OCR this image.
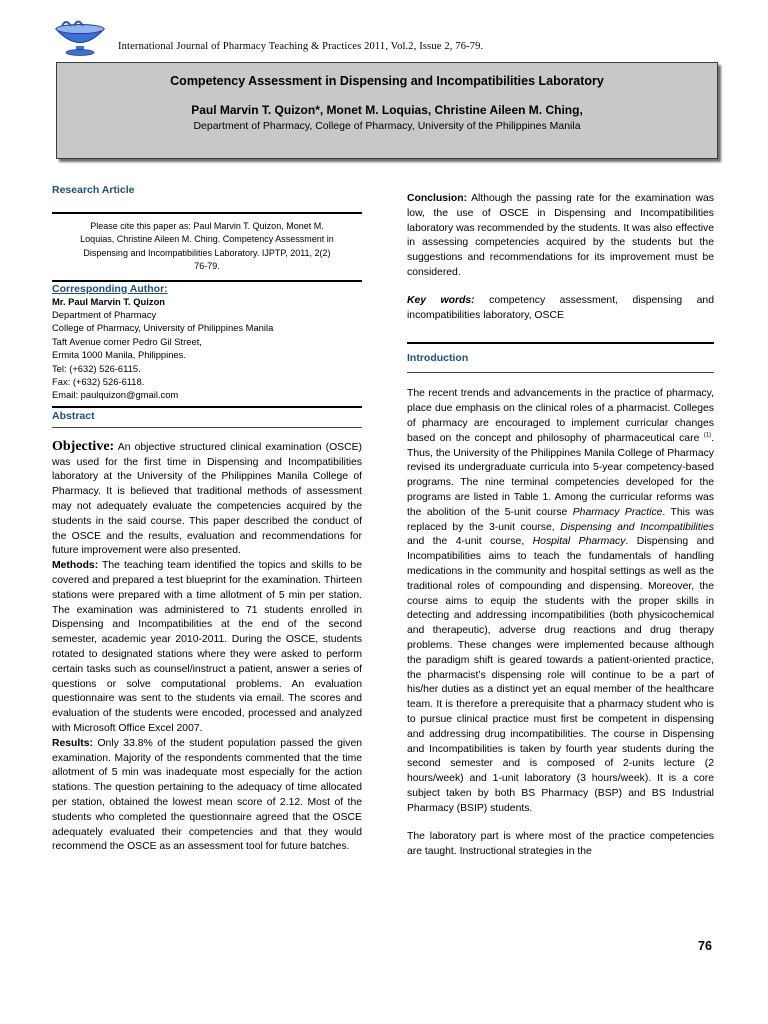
International Journal of Pharmacy Teaching & Practices 2011, Vol.2, Issue 2, 76-79.
Competency Assessment in Dispensing and Incompatibilities Laboratory
Paul Marvin T. Quizon*, Monet M. Loquias, Christine Aileen M. Ching,
Department of Pharmacy, College of Pharmacy, University of the Philippines Manila
Research Article
Please cite this paper as: Paul Marvin T. Quizon, Monet M.
Loquias, Christine Aileen M. Ching. Competency Assessment in
Dispensing and Incompatibilities Laboratory. IJPTP, 2011, 2(2)
76-79.
Corresponding Author:
Mr. Paul Marvin T. Quizon
Department of Pharmacy
College of Pharmacy, University of Philippines Manila
Taft Avenue corner Pedro Gil Street,
Ermita 1000 Manila, Philippines.
Tel: (+632) 526-6115.
Fax: (+632) 526-6118.
Email: paulquizon@gmail.com
Abstract
Objective: An objective structured clinical examination (OSCE) was used for the first time in Dispensing and Incompatibilities laboratory at the University of the Philippines Manila College of Pharmacy. It is believed that traditional methods of assessment may not adequately evaluate the competencies acquired by the students in the said course. This paper described the conduct of the OSCE and the results, evaluation and recommendations for future improvement were also presented.
Methods: The teaching team identified the topics and skills to be covered and prepared a test blueprint for the examination. Thirteen stations were prepared with a time allotment of 5 min per station. The examination was administered to 71 students enrolled in Dispensing and Incompatibilities at the end of the second semester, academic year 2010-2011. During the OSCE, students rotated to designated stations where they were asked to perform certain tasks such as counsel/instruct a patient, answer a series of questions or solve computational problems. An evaluation questionnaire was sent to the students via email. The scores and evaluation of the students were encoded, processed and analyzed with Microsoft Office Excel 2007.
Results: Only 33.8% of the student population passed the given examination. Majority of the respondents commented that the time allotment of 5 min was inadequate most especially for the action stations. The question pertaining to the adequacy of time allocated per station, obtained the lowest mean score of 2.12. Most of the students who completed the questionnaire agreed that the OSCE adequately evaluated their competencies and that they would recommend the OSCE as an assessment tool for future batches.
Conclusion: Although the passing rate for the examination was low, the use of OSCE in Dispensing and Incompatibilities laboratory was recommended by the students. It was also effective in assessing competencies acquired by the students but the suggestions and recommendations for its improvement must be considered.
Key words: competency assessment, dispensing and incompatibilities laboratory, OSCE
Introduction
The recent trends and advancements in the practice of pharmacy, place due emphasis on the clinical roles of a pharmacist. Colleges of pharmacy are encouraged to implement curricular changes based on the concept and philosophy of pharmaceutical care $^{(1)}$. Thus, the University of the Philippines Manila College of Pharmacy revised its undergraduate curricula into 5-year competency-based programs. The nine terminal competencies developed for the programs are listed in Table 1. Among the curricular reforms was the abolition of the 5-unit course Pharmacy Practice. This was replaced by the 3-unit course, Dispensing and Incompatibilities and the 4-unit course, Hospital Pharmacy. Dispensing and Incompatibilities aims to teach the fundamentals of handling medications in the community and hospital settings as well as the traditional roles of compounding and dispensing. Moreover, the course aims to equip the students with the proper skills in detecting and addressing incompatibilities (both physicochemical and therapeutic), adverse drug reactions and drug therapy problems. These changes were implemented because although the paradigm shift is geared towards a patient-oriented practice, the pharmacist’s dispensing role will continue to be a part of his/her duties as a distinct yet an equal member of the healthcare team. It is therefore a prerequisite that a pharmacy student who is to pursue clinical practice must first be competent in dispensing and addressing drug incompatibilities. The course in Dispensing and Incompatibilities is taken by fourth year students during the second semester and is composed of 2-units lecture (2 hours/week) and 1-unit laboratory (3 hours/week). It is a core subject taken by both BS Pharmacy (BSP) and BS Industrial Pharmacy (BSIP) students.
The laboratory part is where most of the practice competencies are taught. Instructional strategies in the
76
